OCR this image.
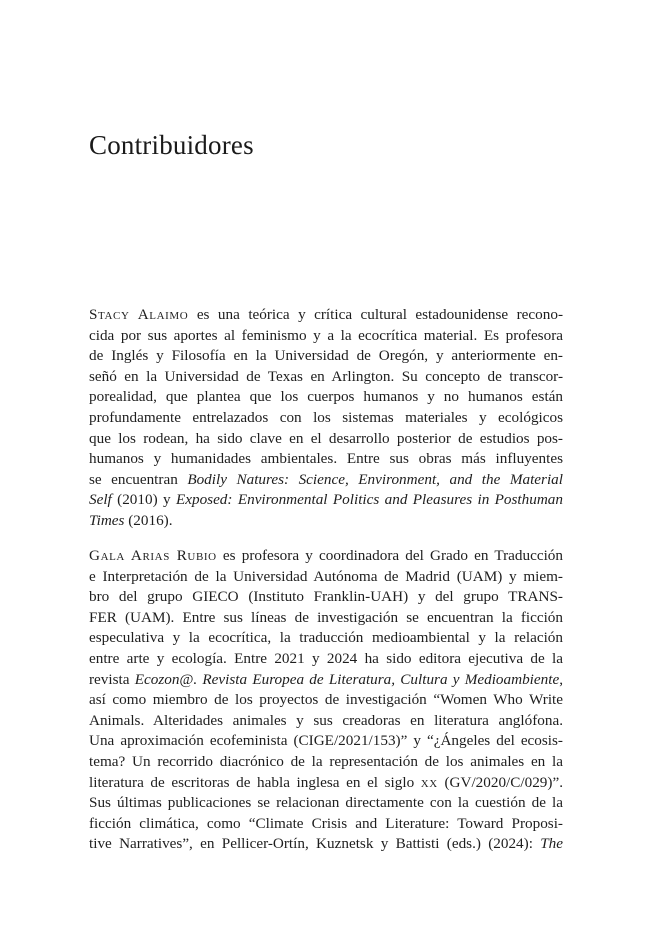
Contribuidores

Stacy Alaimo es una teórica y crítica cultural estadounidense recono-
cida por sus aportes al feminismo y a la ecocrítica material. Es profesora
de Inglés y Filosofía en la Universidad de Oregón, y anteriormente en-
señó en la Universidad de Texas en Arlington. Su concepto de transcor-
porealidad, que plantea que los cuerpos humanos y no humanos están
profundamente entrelazados con los sistemas materiales y ecológicos
que los rodean, ha sido clave en el desarrollo posterior de estudios pos-
humanos y humanidades ambientales. Entre sus obras más influyentes
se encuentran Bodily Natures: Science, Environment, and the Material
Self (2010) y Exposed: Environmental Politics and Pleasures in Posthuman
Times (2016).

Gala Arias Rubio es profesora y coordinadora del Grado en Traducción
e Interpretación de la Universidad Autónoma de Madrid (UAM) y miem-
bro del grupo GIECO (Instituto Franklin-UAH) y del grupo TRANS-
FER (UAM). Entre sus líneas de investigación se encuentran la ficción
especulativa y la ecocrítica, la traducción medioambiental y la relación
entre arte y ecología. Entre 2021 y 2024 ha sido editora ejecutiva de la
revista Ecozon@. Revista Europea de Literatura, Cultura y Medioambiente,
así como miembro de los proyectos de investigación “Women Who Write
Animals. Alteridades animales y sus creadoras en literatura anglófona.
Una aproximación ecofeminista (CIGE/2021/153)” y “¿Ángeles del ecosis-
tema? Un recorrido diacrónico de la representación de los animales en la
literatura de escritoras de habla inglesa en el siglo xx (GV/2020/C/029)”.
Sus últimas publicaciones se relacionan directamente con la cuestión de la
ficción climática, como “Climate Crisis and Literature: Toward Proposi-
tive Narratives”, en Pellicer-Ortín, Kuznetsk y Battisti (eds.) (2024): The
